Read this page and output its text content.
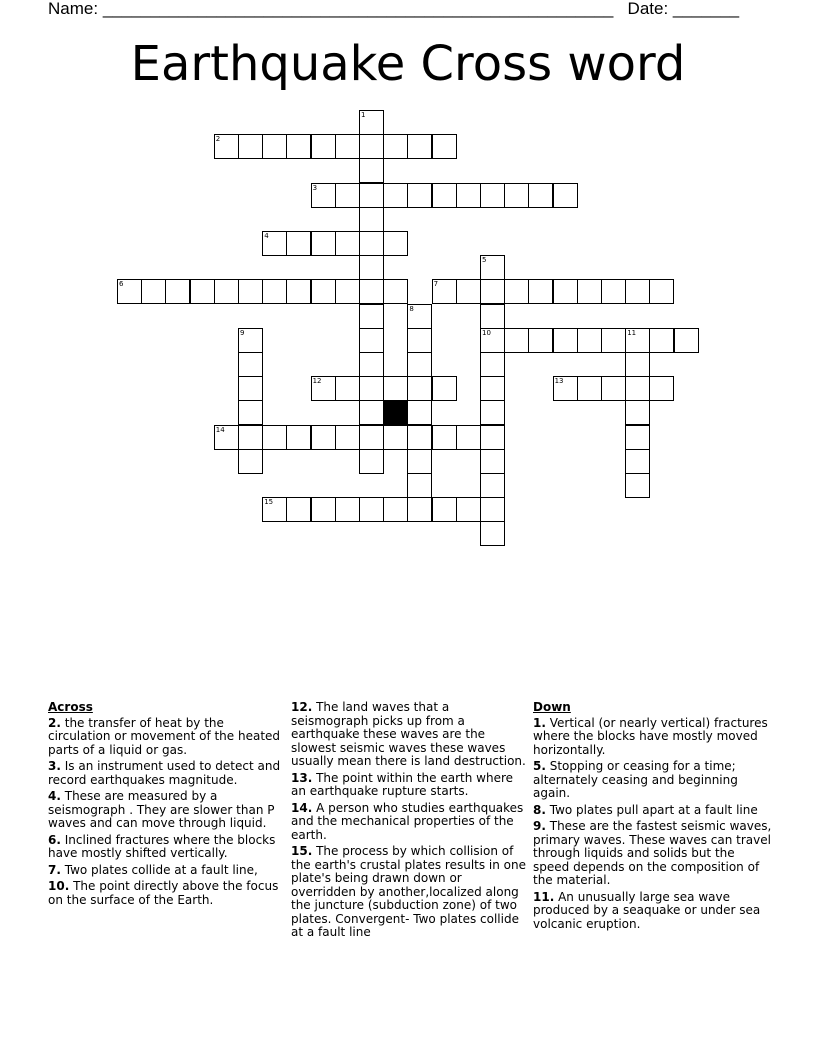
Name: ______________________________________________________ Date: _______
Earthquake Cross word
1
2
3
4
5
10
6	7
8
9	11
12	13
14
15
Across
2. the transfer of heat by the circulation or movement of the heated parts of a liquid or gas.
3. Is an instrument used to detect and record earthquakes magnitude.
4. These are measured by a seismograph . They are slower than P waves and can move through liquid.
6. Inclined fractures where the blocks have mostly shifted vertically.
7. Two plates collide at a fault line,
10. The point directly above the focus on the surface of the Earth.
12. The land waves that a seismograph picks up from a earthquake these waves are the slowest seismic waves these waves usually mean there is land destruction.
13. The point within the earth where an earthquake rupture starts.
14. A person who studies earthquakes and the mechanical properties of the earth.
15. The process by which collision of the earth's crustal plates results in one plate's being drawn down or overridden by another,localized along the juncture (subduction zone) of two plates. Convergent- Two plates collide at a fault line
Down
1. Vertical (or nearly vertical) fractures where the blocks have mostly moved horizontally.
5. Stopping or ceasing for a time; alternately ceasing and beginning again.
8. Two plates pull apart at a fault line
9. These are the fastest seismic waves, primary waves. These waves can travel through liquids and solids but the speed depends on the composition of the material.
11. An unusually large sea wave produced by a seaquake or under sea volcanic eruption.
